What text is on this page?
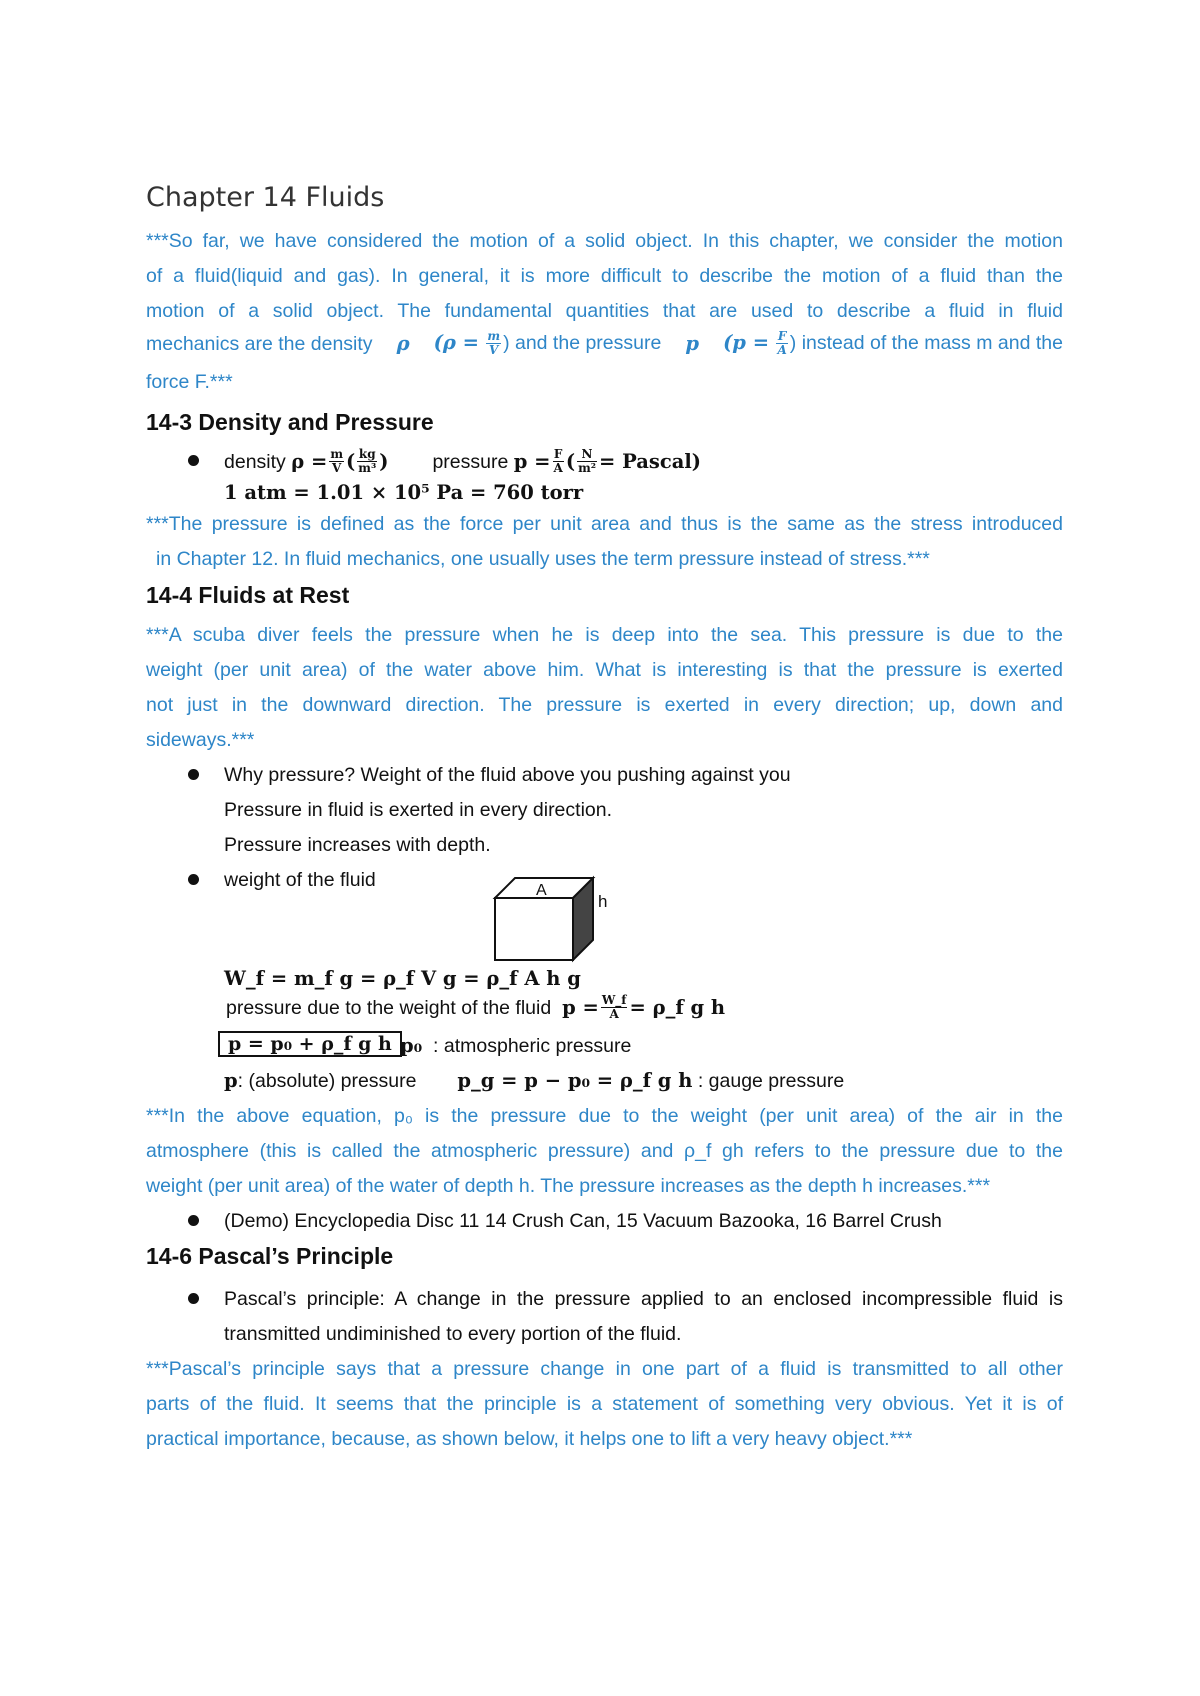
Chapter 14 Fluids
***So far, we have considered the motion of a solid object. In this chapter, we consider the motion
of a fluid(liquid and gas). In general, it is more difficult to describe the motion of a fluid than the
motion of a solid object. The fundamental quantities that are used to describe a fluid in fluid
mechanics are the density ρ ($\rho = \frac{m}{V}$ ) and the pressure p ($p = \frac{F}{A}$ ) instead of the mass m and the
force F.***
14-3 Density and Pressure
density
$\rho = \frac{m}{V}$ ( $\frac{kg}{\text{m³}}$ ) pressure
$p = \frac{F}{A}$ ( $\frac{N}{\text{m²}}$ = Pascal)
1 atm = 1.01 × 10⁵ Pa = 760 torr
***The pressure is defined as the force per unit area and thus is the same as the stress introduced
in Chapter 12. In fluid mechanics, one usually uses the term pressure instead of stress.***
14-4 Fluids at Rest
***A scuba diver feels the pressure when he is deep into the sea. This pressure is due to the
weight (per unit area) of the water above him. What is interesting is that the pressure is exerted
not just in the downward direction. The pressure is exerted in every direction; up, down and
sideways.***
Why pressure? Weight of the fluid above you pushing against you
Pressure in fluid is exerted in every direction.
Pressure increases with depth.
weight of the fluid	A
h
W_f = m_f g = ρ_f V g = ρ_f A h g
pressure due to the weight of the fluid
$p = \frac{W\_f}{A}$ = ρ_f g h
p = p₀ + ρ_f g h p₀ : atmospheric pressure
p: (absolute) pressure p_g = p − p₀ = ρ_f g h : gauge pressure
***In the above equation, p₀ is the pressure due to the weight (per unit area) of the air in the
atmosphere (this is called the atmospheric pressure) and ρ_f gh refers to the pressure due to the
weight (per unit area) of the water of depth h. The pressure increases as the depth h increases.***
(Demo) Encyclopedia Disc 11 14 Crush Can, 15 Vacuum Bazooka, 16 Barrel Crush
14-6 Pascal’s Principle
Pascal’s principle: A change in the pressure applied to an enclosed incompressible fluid is
transmitted undiminished to every portion of the fluid.
***Pascal’s principle says that a pressure change in one part of a fluid is transmitted to all other
parts of the fluid. It seems that the principle is a statement of something very obvious. Yet it is of
practical importance, because, as shown below, it helps one to lift a very heavy object.***
